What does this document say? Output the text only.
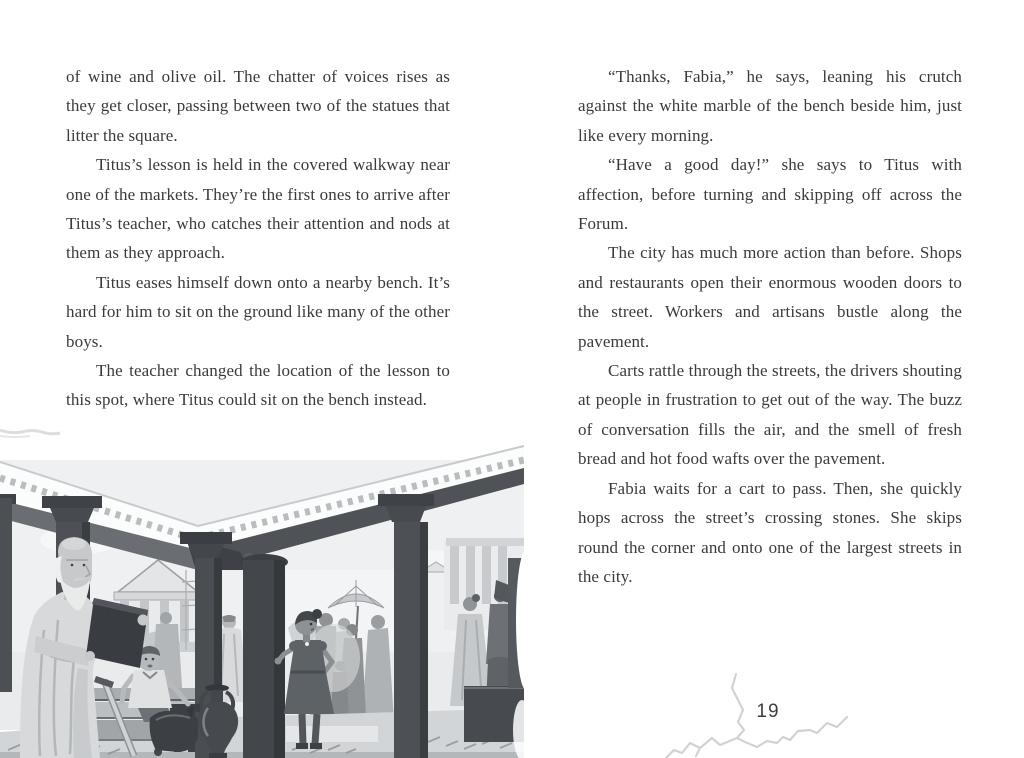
of wine and olive oil. The chatter of voices rises as they get closer, passing between two of the statues that litter the square.

Titus’s lesson is held in the covered walkway near one of the markets. They’re the first ones to arrive after Titus’s teacher, who catches their attention and nods at them as they approach.

Titus eases himself down onto a nearby bench. It’s hard for him to sit on the ground like many of the other boys.

The teacher changed the location of the lesson to this spot, where Titus could sit on the bench instead.

“Thanks, Fabia,” he says, leaning his crutch against the white marble of the bench beside him, just like every morning.

“Have a good day!” she says to Titus with affection, before turning and skipping off across the Forum.

The city has much more action than before. Shops and restaurants open their enormous wooden doors to the street. Workers and artisans bustle along the pavement.

Carts rattle through the streets, the drivers shouting at people in frustration to get out of the way. The buzz of conversation fills the air, and the smell of fresh bread and hot food wafts over the pavement.

Fabia waits for a cart to pass. Then, she quickly hops across the street’s crossing stones. She skips round the corner and onto one of the largest streets in the city.

19
